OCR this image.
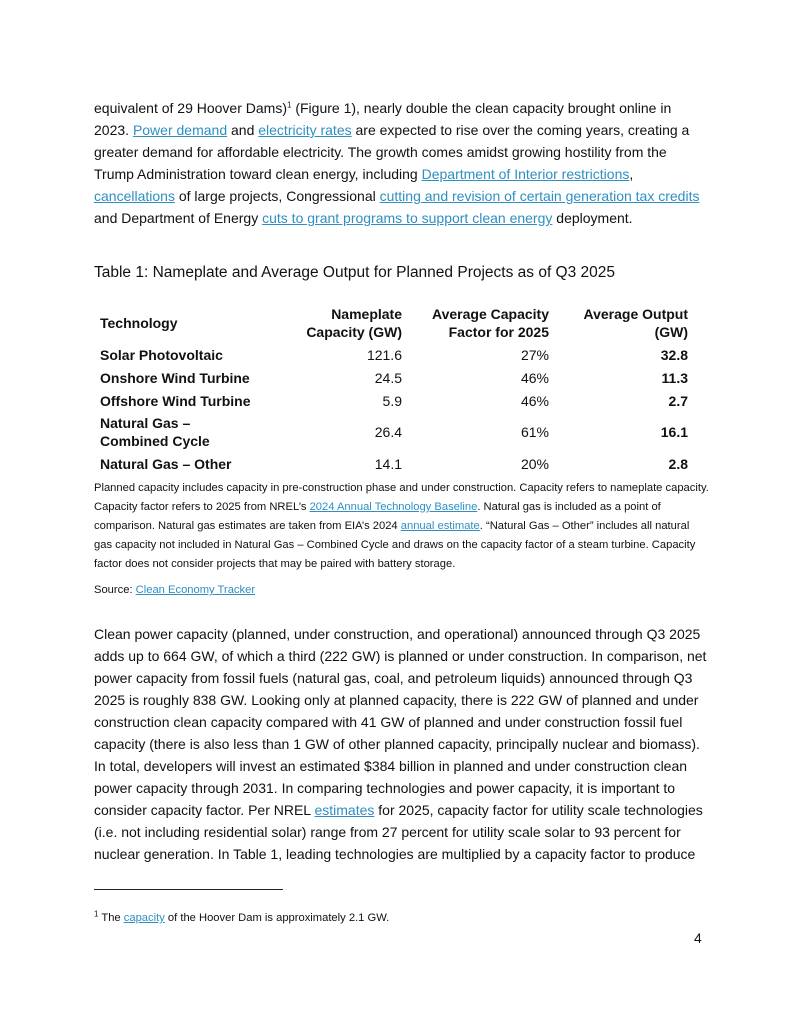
equivalent of 29 Hoover Dams)$^1$ (Figure 1), nearly double the clean capacity brought online in 2023. Power demand and electricity rates are expected to rise over the coming years, creating a greater demand for affordable electricity. The growth comes amidst growing hostility from the Trump Administration toward clean energy, including Department of Interior restrictions, cancellations of large projects, Congressional cutting and revision of certain generation tax credits and Department of Energy cuts to grant programs to support clean energy deployment.

Table 1: Nameplate and Average Output for Planned Projects as of Q3 2025

Technology	Nameplate Capacity (GW)	Average Capacity Factor for 2025	Average Output (GW)
Solar Photovoltaic	121.6	27%	32.8
Onshore Wind Turbine	24.5	46%	11.3
Offshore Wind Turbine	5.9	46%	2.7
Natural Gas – Combined Cycle	26.4	61%	16.1
Natural Gas – Other	14.1	20%	2.8

Planned capacity includes capacity in pre-construction phase and under construction. Capacity refers to nameplate capacity. Capacity factor refers to 2025 from NREL’s 2024 Annual Technology Baseline. Natural gas is included as a point of comparison. Natural gas estimates are taken from EIA’s 2024 annual estimate. “Natural Gas – Other” includes all natural gas capacity not included in Natural Gas – Combined Cycle and draws on the capacity factor of a steam turbine. Capacity factor does not consider projects that may be paired with battery storage.

Source: Clean Economy Tracker

Clean power capacity (planned, under construction, and operational) announced through Q3 2025 adds up to 664 GW, of which a third (222 GW) is planned or under construction. In comparison, net power capacity from fossil fuels (natural gas, coal, and petroleum liquids) announced through Q3 2025 is roughly 838 GW. Looking only at planned capacity, there is 222 GW of planned and under construction clean capacity compared with 41 GW of planned and under construction fossil fuel capacity (there is also less than 1 GW of other planned capacity, principally nuclear and biomass). In total, developers will invest an estimated $384 billion in planned and under construction clean power capacity through 2031. In comparing technologies and power capacity, it is important to consider capacity factor. Per NREL estimates for 2025, capacity factor for utility scale technologies (i.e. not including residential solar) range from 27 percent for utility scale solar to 93 percent for nuclear generation. In Table 1, leading technologies are multiplied by a capacity factor to produce

$^1$ The capacity of the Hoover Dam is approximately 2.1 GW.

4
